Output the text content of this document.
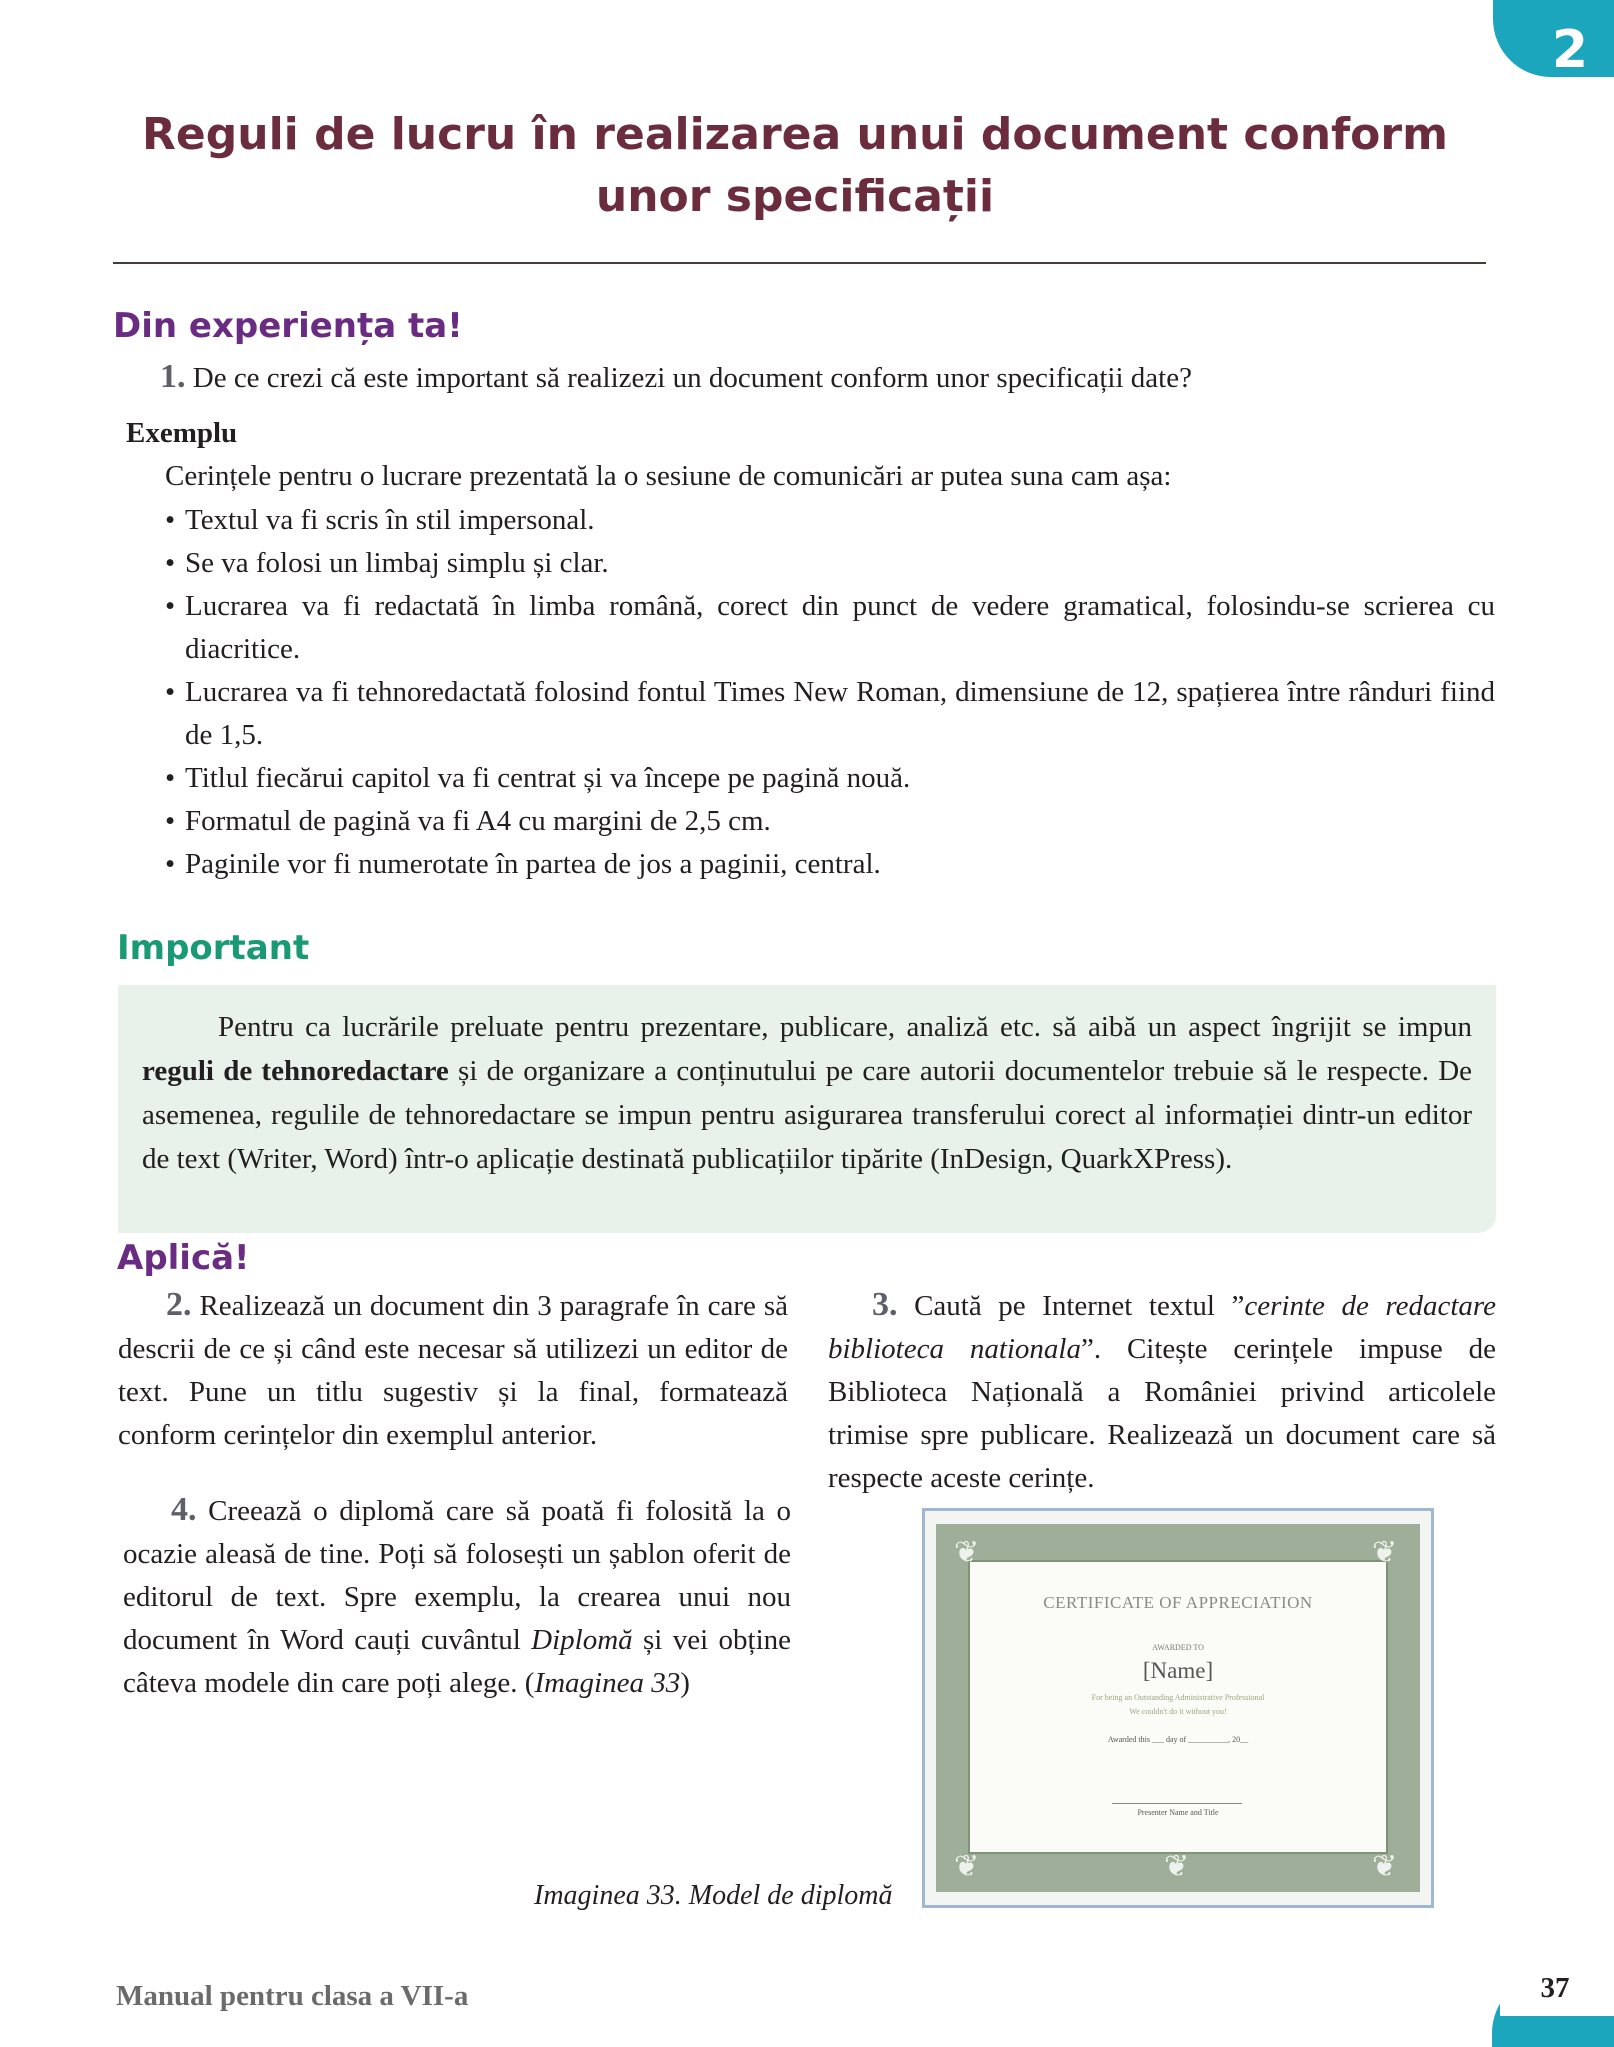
2
Reguli de lucru în realizarea unui document conform unor specificații
Din experiența ta!
1. De ce crezi că este important să realizezi un document conform unor specificații date?
Exemplu
Cerințele pentru o lucrare prezentată la o sesiune de comunicări ar putea suna cam așa:
• Textul va fi scris în stil impersonal.
• Se va folosi un limbaj simplu și clar.
• Lucrarea va fi redactată în limba română, corect din punct de vedere gramatical, folosindu-se scrierea cu diacritice.
• Lucrarea va fi tehnoredactată folosind fontul Times New Roman, dimensiune de 12, spațierea între rânduri fiind de 1,5.
• Titlul fiecărui capitol va fi centrat și va începe pe pagină nouă.
• Formatul de pagină va fi A4 cu margini de 2,5 cm.
• Paginile vor fi numerotate în partea de jos a paginii, central.
Important

Pentru ca lucrările preluate pentru prezentare, publicare, analiză etc. să aibă un aspect îngrijit se impun reguli de tehnoredactare și de organizare a conținutului pe care autorii documentelor trebuie să le respecte. De asemenea, regulile de tehnoredactare se impun pentru asigurarea transferului corect al informației dintr-un editor de text (Writer, Word) într-o aplicație destinată publicațiilor tipărite (InDesign, QuarkXPress).

Aplică!

2. Realizează un document din 3 paragrafe în care să descrii de ce și când este necesar să utilizezi un editor de text. Pune un titlu sugestiv și la final, formatează conform cerințelor din exemplul anterior.

3. Caută pe Internet textul ”cerinte de redactare biblioteca nationala”. Citește cerințele impuse de Biblioteca Națională a României privind articolele trimise spre publicare. Realizează un document care să respecte aceste cerințe.

4. Creează o diplomă care să poată fi folosită la o ocazie aleasă de tine. Poți să folosești un șablon oferit de editorul de text. Spre exemplu, la crearea unui nou document în Word cauți cuvântul Diplomă și vei obține câteva modele din care poți alege. (Imaginea 33)

❦	❦
❦	❦
❦
CERTIFICATE OF APPRECIATION
AWARDED TO
[Name]
For being an Outstanding Administrative Professional
We couldn't do it without you!
Awarded this ___ day of __________, 20__
Presenter Name and Title
Imaginea 33. Model de diplomă
Manual pentru clasa a VII-a	37
